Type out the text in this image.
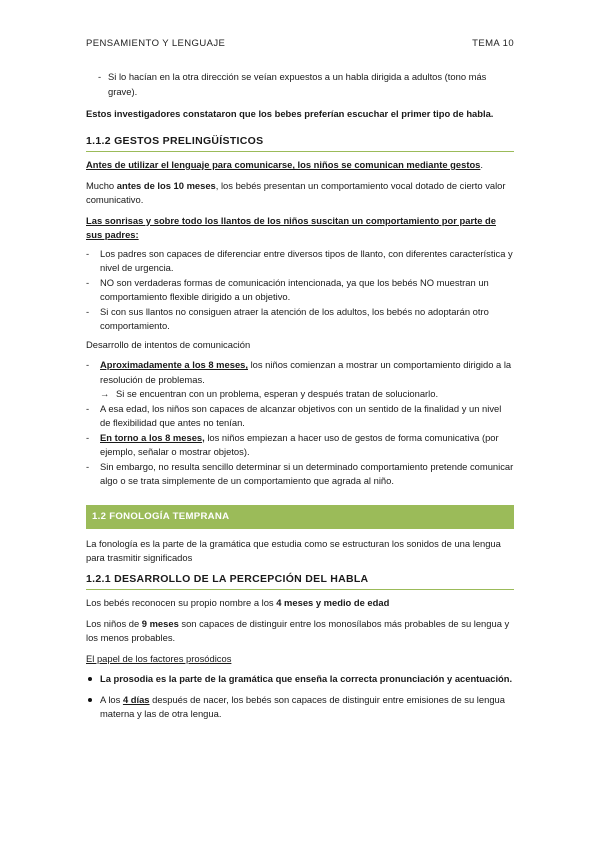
PENSAMIENTO Y LENGUAJE	TEMA 10
- Si lo hacían en la otra dirección se veían expuestos a un habla dirigida a adultos (tono más grave).

Estos investigadores constataron que los bebes preferían escuchar el primer tipo de habla.

1.1.2 GESTOS PRELINGÜÍSTICOS

Antes de utilizar el lenguaje para comunicarse, los niños se comunican mediante gestos.

Mucho antes de los 10 meses, los bebés presentan un comportamiento vocal dotado de cierto valor comunicativo.

Las sonrisas y sobre todo los llantos de los niños suscitan un comportamiento por parte de sus padres:

- Los padres son capaces de diferenciar entre diversos tipos de llanto, con diferentes característica y nivel de urgencia.
- NO son verdaderas formas de comunicación intencionada, ya que los bebés NO muestran un comportamiento flexible dirigido a un objetivo.
- Si con sus llantos no consiguen atraer la atención de los adultos, los bebés no adoptarán otro comportamiento.

Desarrollo de intentos de comunicación

- Aproximadamente a los 8 meses, los niños comienzan a mostrar un comportamiento dirigido a la resolución de problemas.
→ Si se encuentran con un problema, esperan y después tratan de solucionarlo.
- A esa edad, los niños son capaces de alcanzar objetivos con un sentido de la finalidad y un nivel de flexibilidad que antes no tenían.
- En torno a los 8 meses, los niños empiezan a hacer uso de gestos de forma comunicativa (por ejemplo, señalar o mostrar objetos).
- Sin embargo, no resulta sencillo determinar si un determinado comportamiento pretende comunicar algo o se trata simplemente de un comportamiento que agrada al niño.
1.2 FONOLOGÍA TEMPRANA

La fonología es la parte de la gramática que estudia como se estructuran los sonidos de una lengua para trasmitir significados

1.2.1 DESARROLLO DE LA PERCEPCIÓN DEL HABLA

Los bebés reconocen su propio nombre a los 4 meses y medio de edad

Los niños de 9 meses son capaces de distinguir entre los monosílabos más probables de su lengua y los menos probables.

El papel de los factores prosódicos

La prosodia es la parte de la gramática que enseña la correcta pronunciación y acentuación.
A los 4 días después de nacer, los bebés son capaces de distinguir entre emisiones de su lengua materna y las de otra lengua.
